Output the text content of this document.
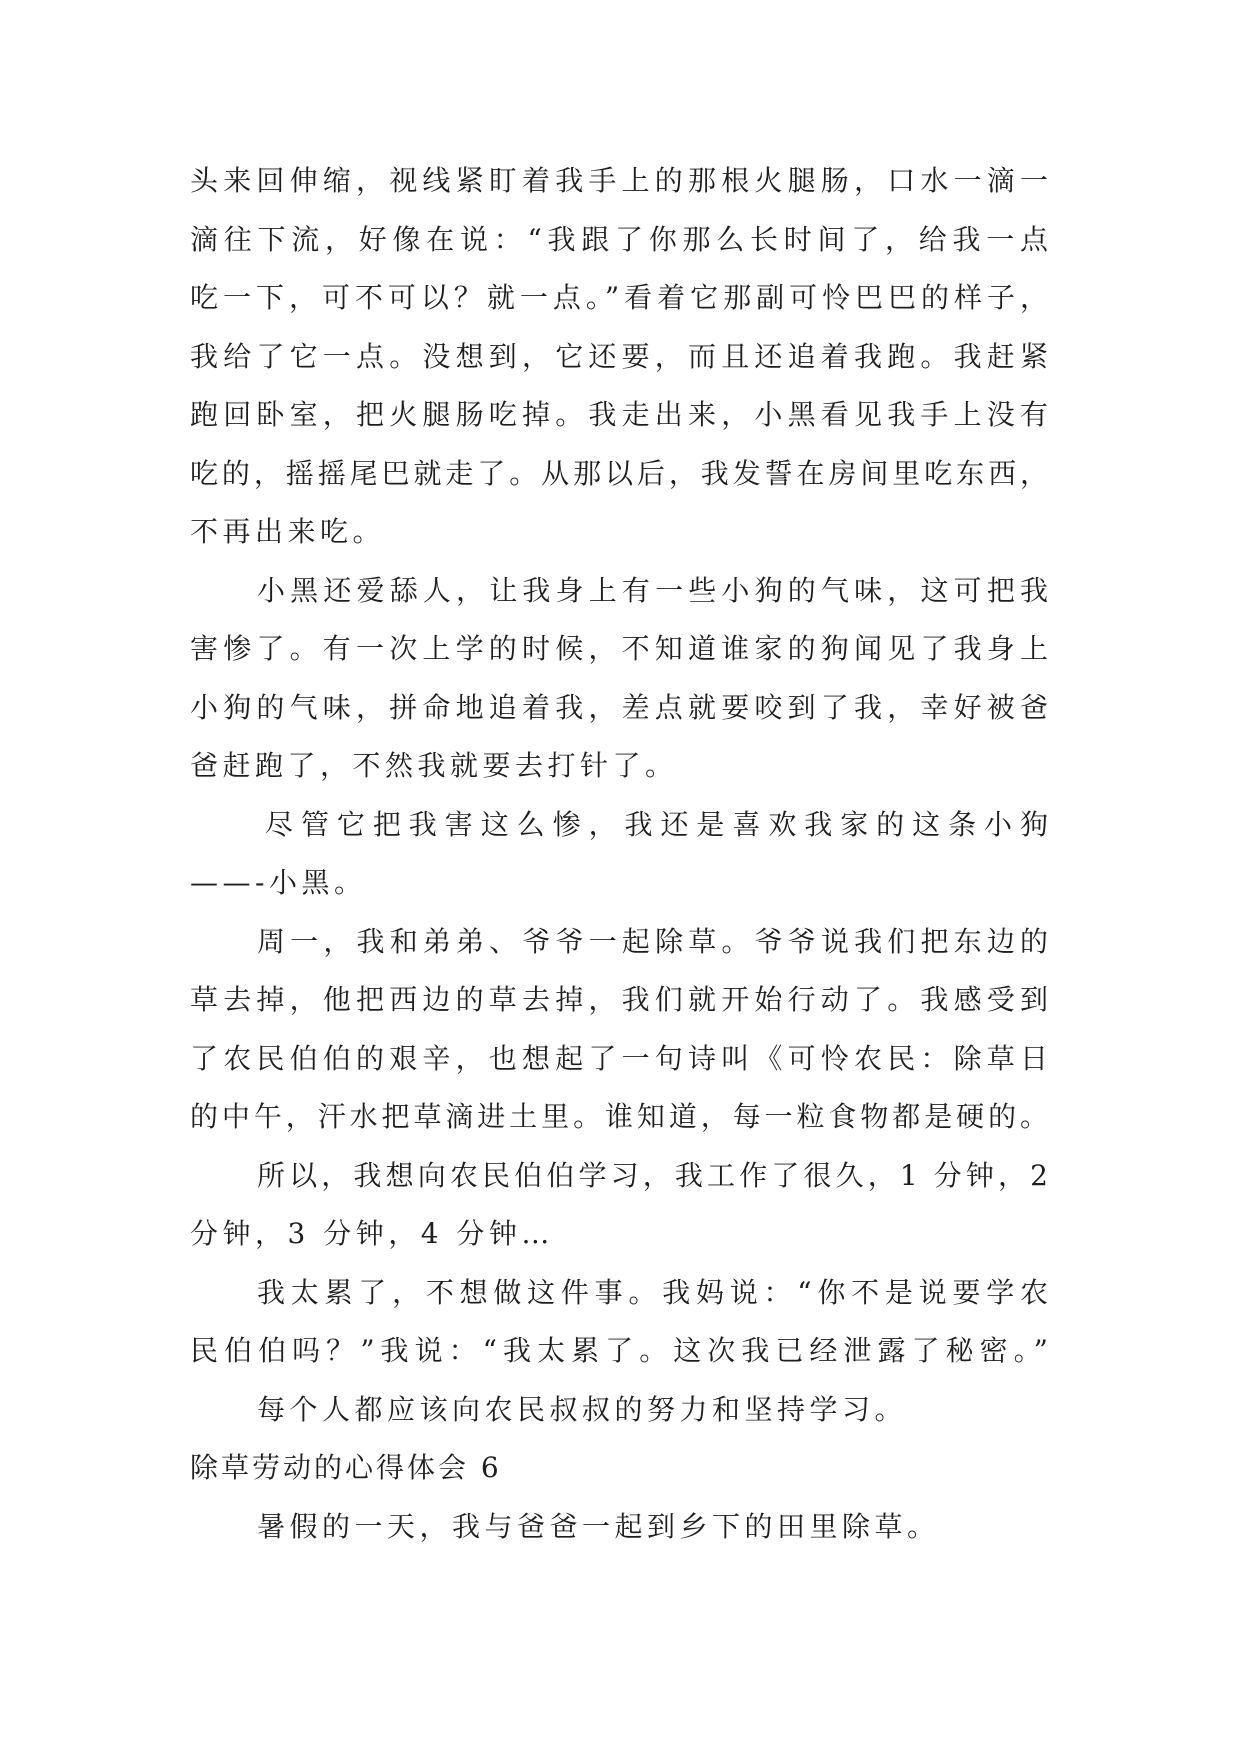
头来回伸缩，视线紧盯着我手上的那根火腿肠，口水一滴一
滴往下流，好像在说：“我跟了你那么长时间了，给我一点
吃一下，可不可以？就一点。”看着它那副可怜巴巴的样子，
我给了它一点。没想到，它还要，而且还追着我跑。我赶紧
跑回卧室，把火腿肠吃掉。我走出来，小黑看见我手上没有
吃的，摇摇尾巴就走了。从那以后，我发誓在房间里吃东西，
不再出来吃。
小黑还爱舔人，让我身上有一些小狗的气味，这可把我
害惨了。有一次上学的时候，不知道谁家的狗闻见了我身上
小狗的气味，拼命地追着我，差点就要咬到了我，幸好被爸
爸赶跑了，不然我就要去打针了。
尽管它把我害这么惨，我还是喜欢我家的这条小狗
——-小黑。
周一，我和弟弟、爷爷一起除草。爷爷说我们把东边的
草去掉，他把西边的草去掉，我们就开始行动了。我感受到
了农民伯伯的艰辛，也想起了一句诗叫《可怜农民：除草日
的中午，汗水把草滴进土里。谁知道，每一粒食物都是硬的。
所以，我想向农民伯伯学习，我工作了很久，1 分钟，2
分钟，3 分钟，4 分钟…
我太累了，不想做这件事。我妈说：“你不是说要学农
民伯伯吗？”我说：“我太累了。这次我已经泄露了秘密。”
每个人都应该向农民叔叔的努力和坚持学习。
除草劳动的心得体会 6
暑假的一天，我与爸爸一起到乡下的田里除草。
